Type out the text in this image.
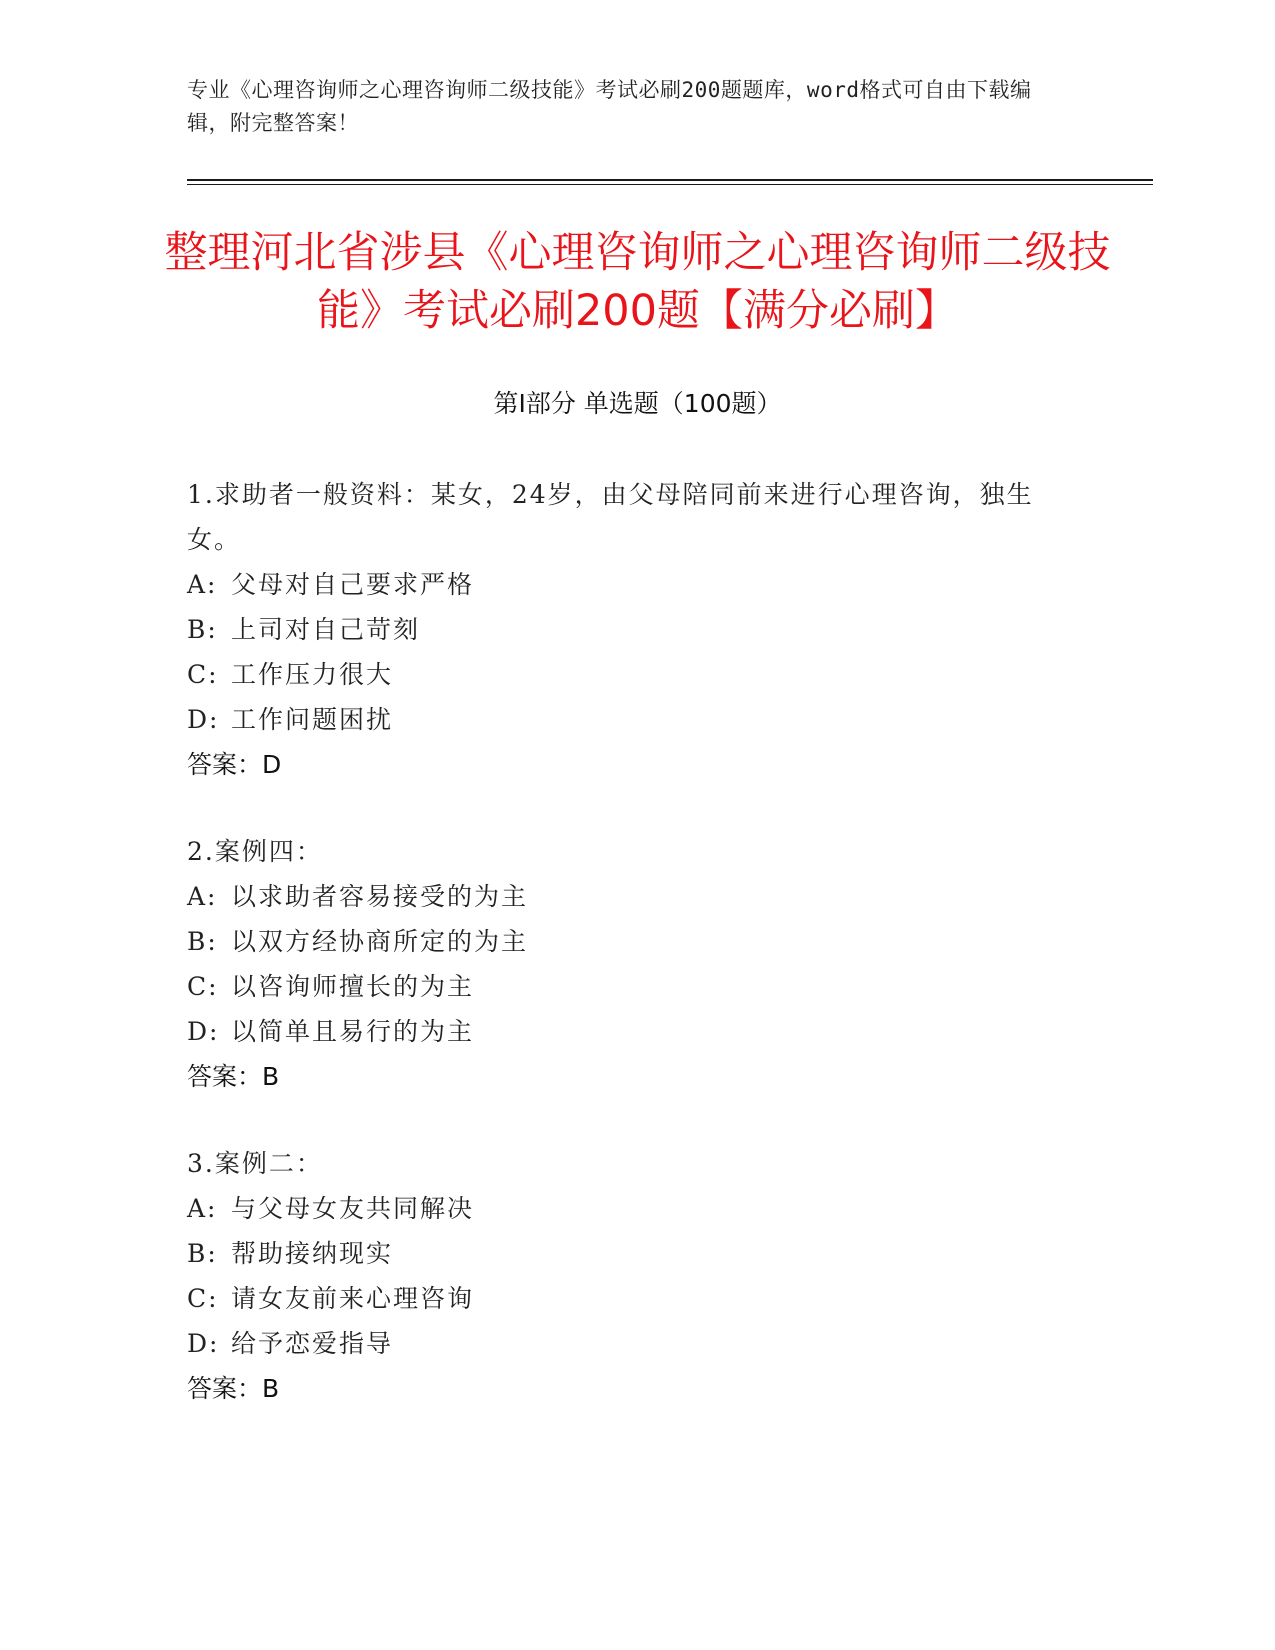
专业《心理咨询师之心理咨询师二级技能》考试必刷200题题库，word格式可自由下载编辑，附完整答案！
整理河北省涉县《心理咨询师之心理咨询师二级技能》考试必刷200题【满分必刷】
第Ⅰ部分 单选题（100题）
1.求助者一般资料：某女，24岁，由父母陪同前来进行心理咨询，独生女。
A: 父母对自己要求严格
B: 上司对自己苛刻
C: 工作压力很大
D: 工作问题困扰
答案：D
2.案例四：
A: 以求助者容易接受的为主
B: 以双方经协商所定的为主
C: 以咨询师擅长的为主
D: 以简单且易行的为主
答案：B
3.案例二：
A: 与父母女友共同解决
B: 帮助接纳现实
C: 请女友前来心理咨询
D: 给予恋爱指导
答案：B
